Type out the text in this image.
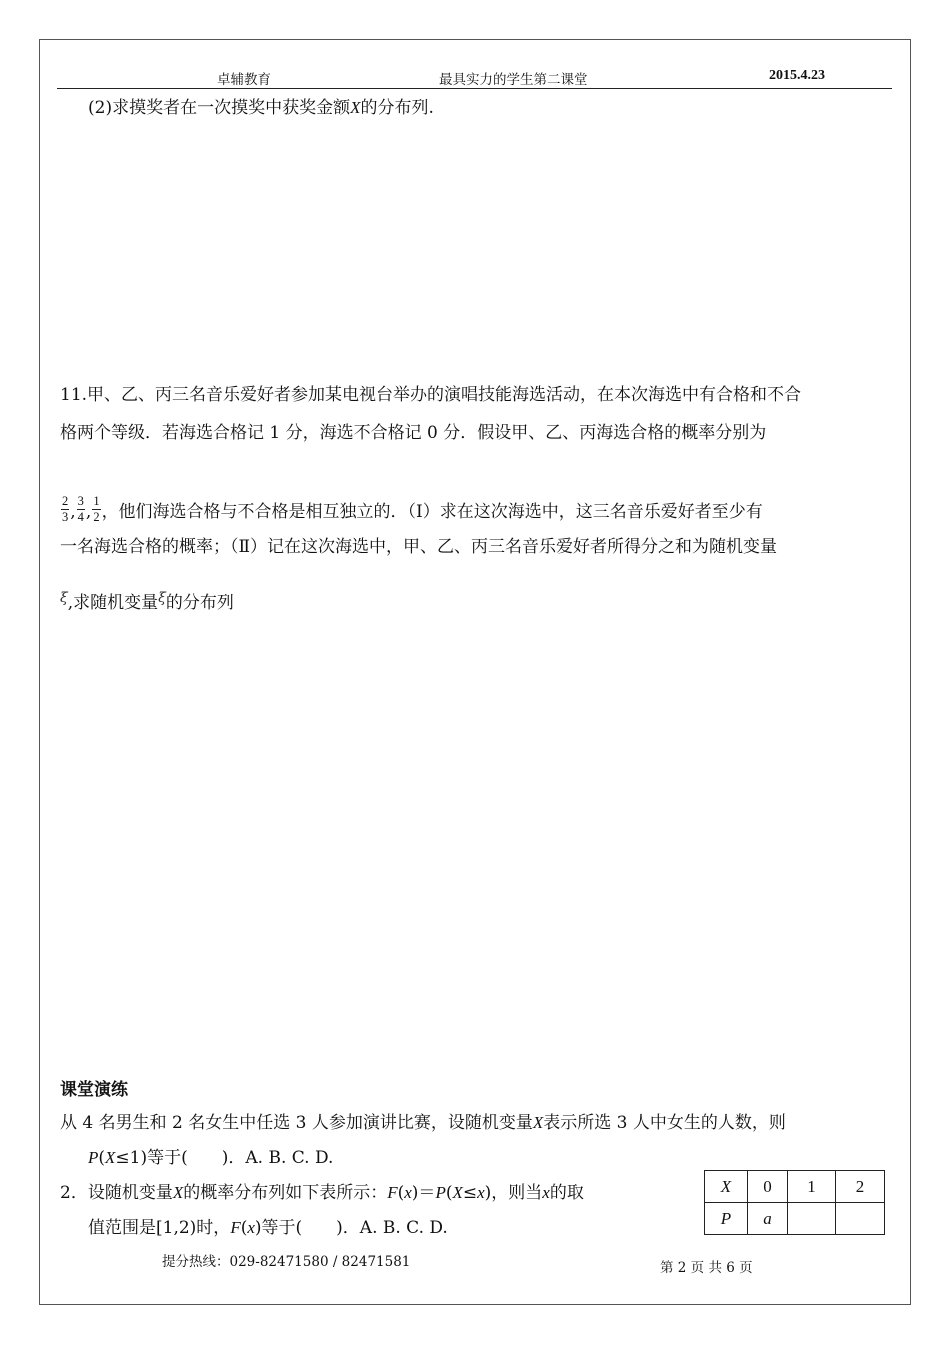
卓辅教育	最具实力的学生第二课堂	2015.4.23
(2)求摸奖者在一次摸奖中获奖金额X的分布列.
11.甲、乙、丙三名音乐爱好者参加某电视台举办的演唱技能海选活动，在本次海选中有合格和不合
格两个等级．若海选合格记 1 分，海选不合格记 0 分．假设甲、乙、丙海选合格的概率分别为
$\frac{2}{3}$ , $\frac{3}{4}$ , $\frac{1}{2}$ ，他们海选合格与不合格是相互独立的．（Ⅰ）求在这次海选中，这三名音乐爱好者至少有
一名海选合格的概率；（Ⅱ）记在这次海选中，甲、乙、丙三名音乐爱好者所得分之和为随机变量
$^\xi$,求随机变量$^\xi$的分布列
课堂演练
从 4 名男生和 2 名女生中任选 3 人参加演讲比赛，设随机变量X表示所选 3 人中女生的人数，则
P(X≤1)等于(　　)．A. B. C. D.
2．设随机变量X的概率分布列如下表所示：F(x)＝P(X≤x)，则当x的取
值范围是[1,2)时，F(x)等于(　　)．A. B. C. D.
X	0	1	2
P	a		
提分热线：029-82471580 / 82471581	第 2 页 共 6 页
